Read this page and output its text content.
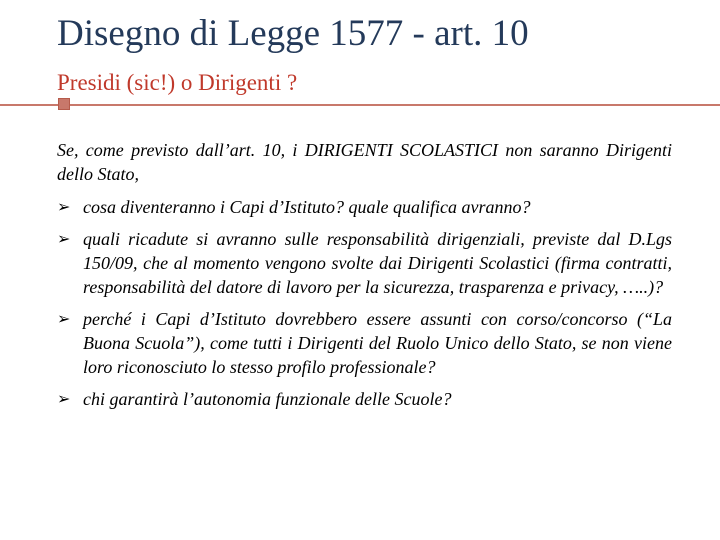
Disegno di Legge 1577 - art. 10
Presidi (sic!) o Dirigenti ?

Se, come previsto dall’art. 10, i DIRIGENTI SCOLASTICI non saranno Dirigenti dello Stato,

➢ cosa diventeranno i Capi d’Istituto? quale qualifica avranno?
➢ quali ricadute si avranno sulle responsabilità dirigenziali, previste dal D.Lgs 150/09, che al momento vengono svolte dai Dirigenti Scolastici (firma contratti, responsabilità del datore di lavoro per la sicurezza, trasparenza e privacy, …..)?
➢ perché i Capi d’Istituto dovrebbero essere assunti con corso/concorso (“La Buona Scuola”), come tutti i Dirigenti del Ruolo Unico dello Stato, se non viene loro riconosciuto lo stesso profilo professionale?
➢ chi garantirà l’autonomia funzionale delle Scuole?
